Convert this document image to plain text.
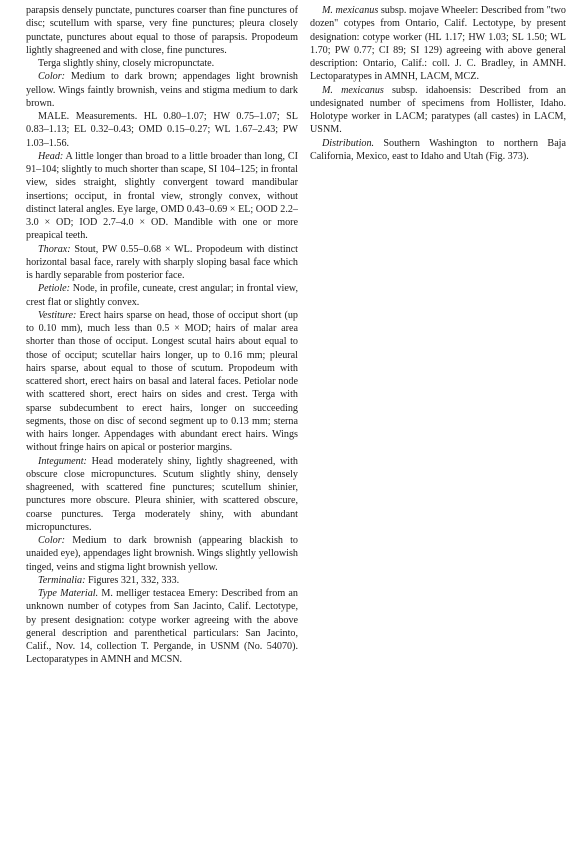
parapsis densely punctate, punctures coarser than fine punctures of disc; scutellum with sparse, very fine punctures; pleura closely punctate, punctures about equal to those of parapsis. Propodeum lightly shagreened and with close, fine punctures.

Terga slightly shiny, closely micropunctate.

Color: Medium to dark brown; appendages light brownish yellow. Wings faintly brownish, veins and stigma medium to dark brown.

MALE. Measurements. HL 0.80–1.07; HW 0.75–1.07; SL 0.83–1.13; EL 0.32–0.43; OMD 0.15–0.27; WL 1.67–2.43; PW 1.03–1.56.

Head: A little longer than broad to a little broader than long, CI 91–104; slightly to much shorter than scape, SI 104–125; in frontal view, sides straight, slightly convergent toward mandibular insertions; occiput, in frontal view, strongly convex, without distinct lateral angles. Eye large, OMD 0.43–0.69 × EL; OOD 2.2–3.0 × OD; IOD 2.7–4.0 × OD. Mandible with one or more preapical teeth.

Thorax: Stout, PW 0.55–0.68 × WL. Propodeum with distinct horizontal basal face, rarely with sharply sloping basal face which is hardly separable from posterior face.

Petiole: Node, in profile, cuneate, crest angular; in frontal view, crest flat or slightly convex.

Vestiture: Erect hairs sparse on head, those of occiput short (up to 0.10 mm), much less than 0.5 × MOD; hairs of malar area shorter than those of occiput. Longest scutal hairs about equal to those of occiput; scutellar hairs longer, up to 0.16 mm; pleural hairs sparse, about equal to those of scutum. Propodeum with scattered short, erect hairs on basal and lateral faces. Petiolar node with scattered short, erect hairs on sides and crest. Terga with sparse subdecumbent to erect hairs, longer on succeeding segments, those on disc of second segment up to 0.13 mm; sterna with hairs longer. Appendages with abundant erect hairs. Wings without fringe hairs on apical or posterior margins.

Integument: Head moderately shiny, lightly shagreened, with obscure close micropunctures. Scutum slightly shiny, densely shagreened, with scattered fine punctures; scutellum shinier, punctures more obscure. Pleura shinier, with scattered obscure, coarse punctures. Terga moderately shiny, with abundant micropunctures.

Color: Medium to dark brownish (appearing blackish to unaided eye), appendages light brownish. Wings slightly yellowish tinged, veins and stigma light brownish yellow.

Terminalia: Figures 321, 332, 333.

Type Material. M. melliger testacea Emery: Described from an unknown number of cotypes from San Jacinto, Calif. Lectotype, by present designation: cotype worker agreeing with the above general description and parenthetical particulars: San Jacinto, Calif., Nov. 14, collection T. Pergande, in USNM (No. 54070). Lectoparatypes in AMNH and MCSN.

M. mexicanus subsp. mojave Wheeler: Described from "two dozen" cotypes from Ontario, Calif. Lectotype, by present designation: cotype worker (HL 1.17; HW 1.03; SL 1.50; WL 1.70; PW 0.77; CI 89; SI 129) agreeing with above general description: Ontario, Calif.: coll. J. C. Bradley, in AMNH. Lectoparatypes in AMNH, LACM, MCZ.

M. mexicanus subsp. idahoensis: Described from an undesignated number of specimens from Hollister, Idaho. Holotype worker in LACM; paratypes (all castes) in LACM, USNM.

Distribution. Southern Washington to northern Baja California, Mexico, east to Idaho and Utah (Fig. 373).
